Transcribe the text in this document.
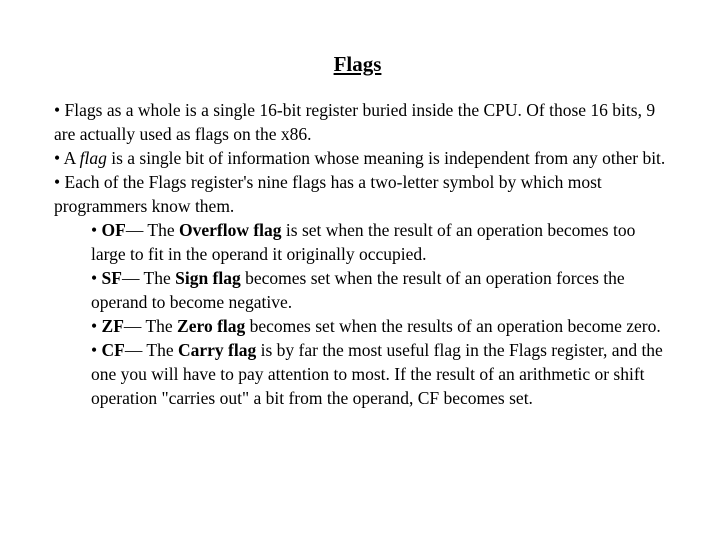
Flags

• Flags as a whole is a single 16-bit register buried inside the CPU. Of those 16 bits, 9 are actually used as flags on the x86.

• A flag is a single bit of information whose meaning is independent from any other bit.

• Each of the Flags register's nine flags has a two-letter symbol by which most programmers know them.

• OF— The Overflow flag is set when the result of an operation becomes too large to fit in the operand it originally occupied.

• SF— The Sign flag becomes set when the result of an operation forces the operand to become negative.

• ZF— The Zero flag becomes set when the results of an operation become zero.

• CF— The Carry flag is by far the most useful flag in the Flags register, and the one you will have to pay attention to most. If the result of an arithmetic or shift operation "carries out" a bit from the operand, CF becomes set.
